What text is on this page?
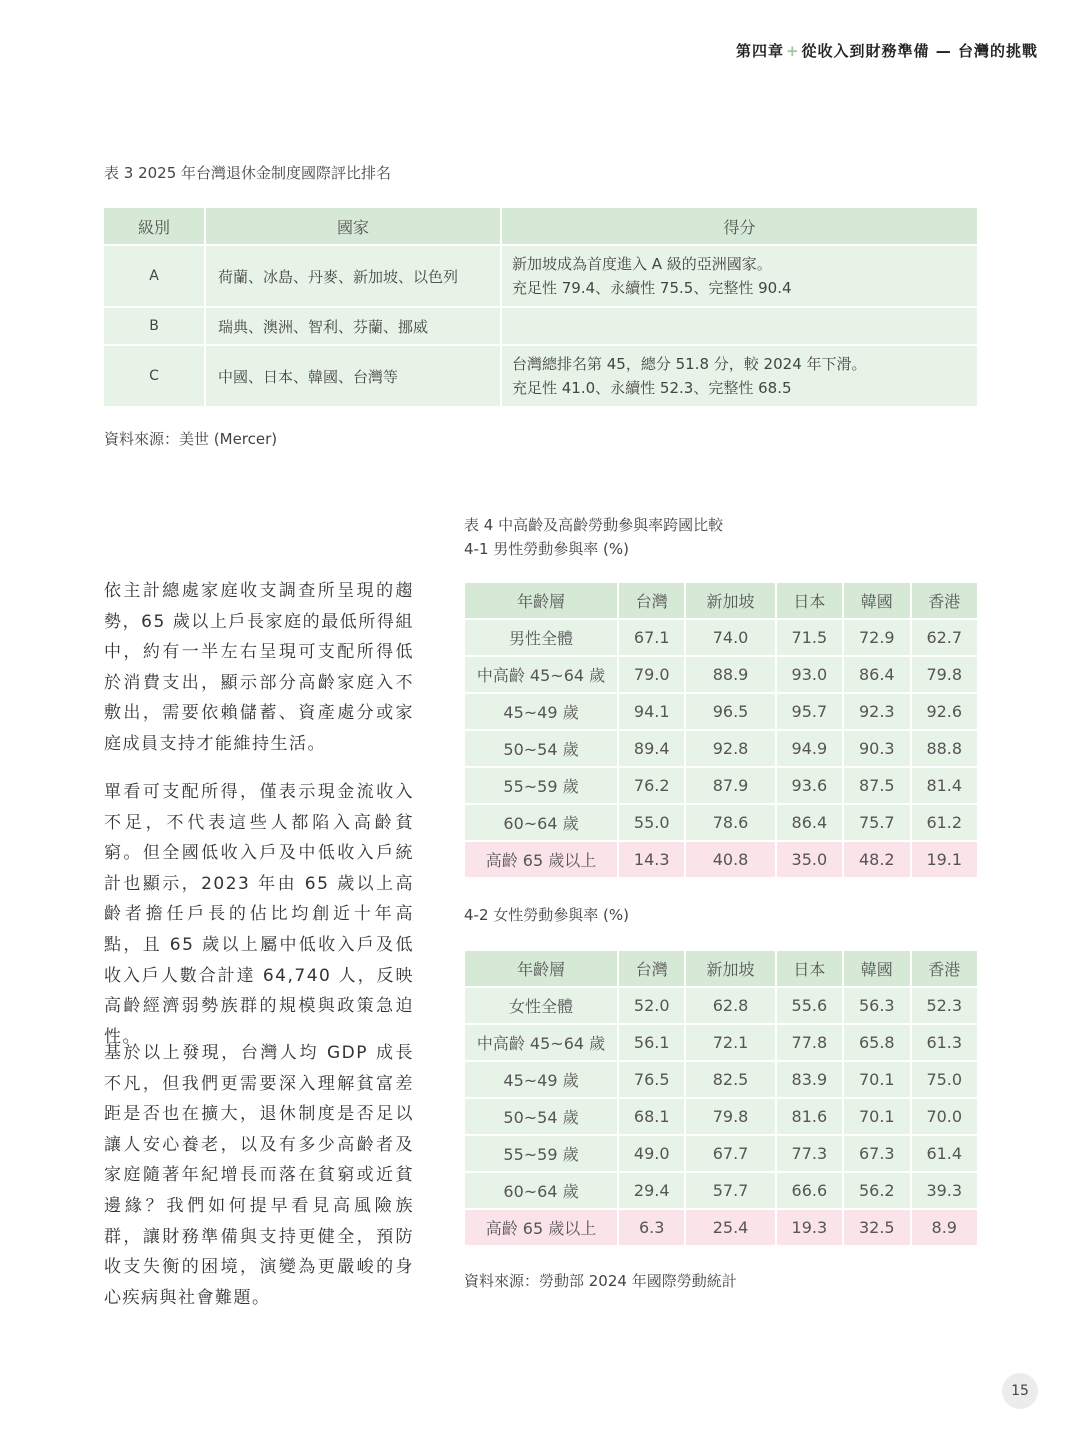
第四章 + 從收入到財務準備 — 台灣的挑戰
表 3 2025 年台灣退休金制度國際評比排名
級別	國家	得分
A	荷蘭、冰島、丹麥、新加坡、以色列	新加坡成為首度進入 A 級的亞洲國家。
充足性 79.4、永續性 75.5、完整性 90.4

B	瑞典、澳洲、智利、芬蘭、挪威	
C	中國、日本、韓國、台灣等	台灣總排名第 45，總分 51.8 分，較 2024 年下滑。
充足性 41.0、永續性 52.3、完整性 68.5
資料來源：美世 (Mercer)

依主計總處家庭收支調查所呈現的趨勢，65 歲以上戶長家庭的最低所得組中，約有一半左右呈現可支配所得低於消費支出，顯示部分高齡家庭入不敷出，需要依賴儲蓄、資產處分或家庭成員支持才能維持生活。

單看可支配所得，僅表示現金流收入不足，不代表這些人都陷入高齡貧窮。但全國低收入戶及中低收入戶統計也顯示，2023 年由 65 歲以上高齡者擔任戶長的佔比均創近十年高點，且 65 歲以上屬中低收入戶及低收入戶人數合計達 64,740 人，反映高齡經濟弱勢族群的規模與政策急迫性。

基於以上發現，台灣人均 GDP 成長不凡，但我們更需要深入理解貧富差距是否也在擴大，退休制度是否足以讓人安心養老，以及有多少高齡者及家庭隨著年紀增長而落在貧窮或近貧邊緣？我們如何提早看見高風險族群，讓財務準備與支持更健全，預防收支失衡的困境，演變為更嚴峻的身心疾病與社會難題。

表 4 中高齡及高齡勞動參與率跨國比較
4-1 男性勞動參與率 (%)
年齡層	台灣	新加坡	日本	韓國	香港
男性全體	67.1	74.0	71.5	72.9	62.7
中高齡 45~64 歲	79.0	88.9	93.0	86.4	79.8
45~49 歲	94.1	96.5	95.7	92.3	92.6
50~54 歲	89.4	92.8	94.9	90.3	88.8
55~59 歲	76.2	87.9	93.6	87.5	81.4
60~64 歲	55.0	78.6	86.4	75.7	61.2
高齡 65 歲以上	14.3	40.8	35.0	48.2	19.1
4-2 女性勞動參與率 (%)
年齡層	台灣	新加坡	日本	韓國	香港
女性全體	52.0	62.8	55.6	56.3	52.3
中高齡 45~64 歲	56.1	72.1	77.8	65.8	61.3
45~49 歲	76.5	82.5	83.9	70.1	75.0
50~54 歲	68.1	79.8	81.6	70.1	70.0
55~59 歲	49.0	67.7	77.3	67.3	61.4
60~64 歲	29.4	57.7	66.6	56.2	39.3
高齡 65 歲以上	6.3	25.4	19.3	32.5	8.9
資料來源：勞動部 2024 年國際勞動統計
15
